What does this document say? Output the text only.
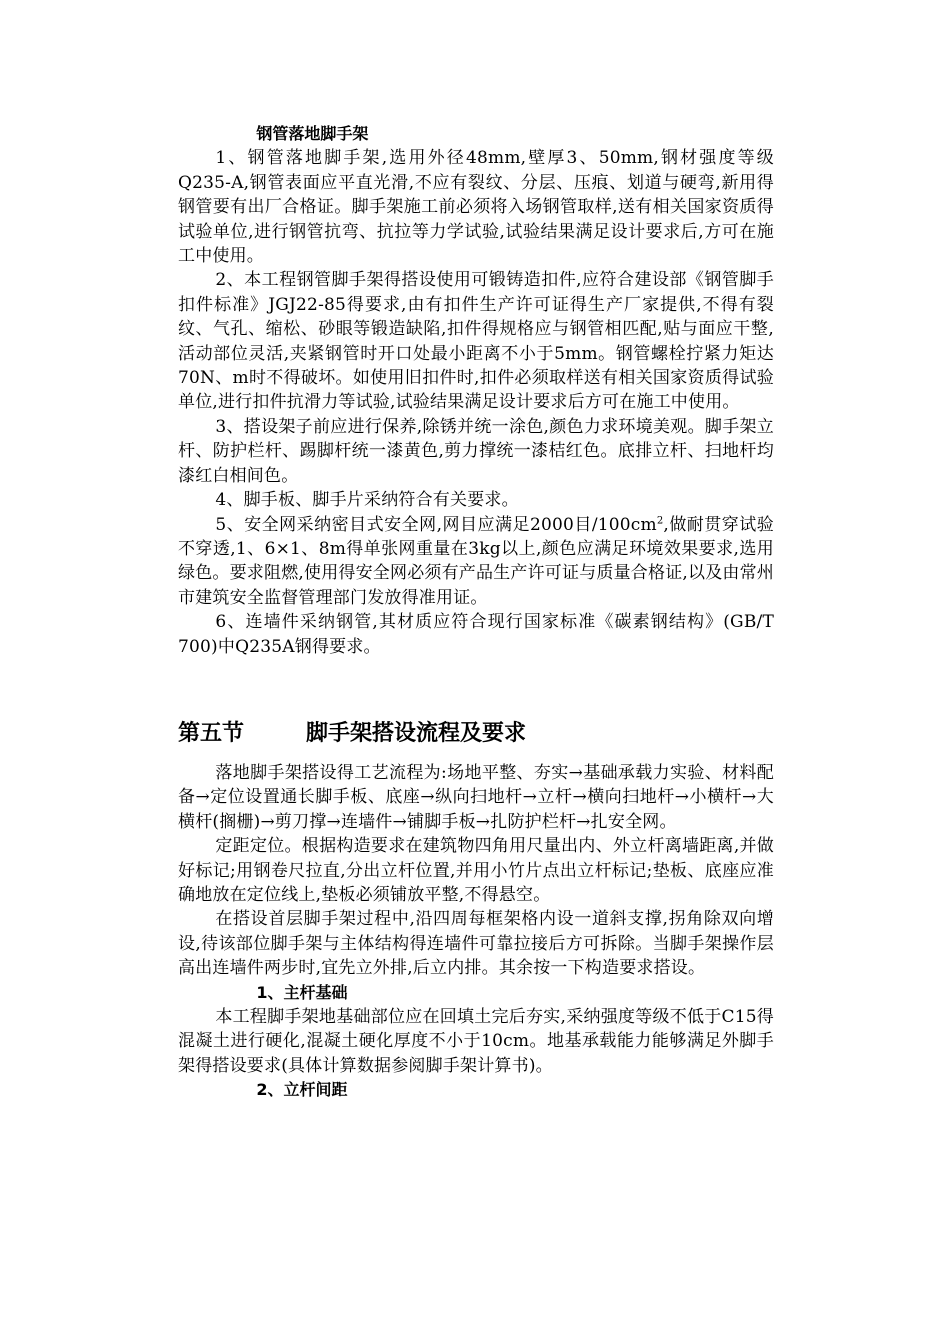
钢管落地脚手架

1、钢管落地脚手架,选用外径48mm,壁厚3、50mm,钢材强度等级Q235-A,钢管表面应平直光滑,不应有裂纹、分层、压痕、划道与硬弯,新用得钢管要有出厂合格证。脚手架施工前必须将入场钢管取样,送有相关国家资质得试验单位,进行钢管抗弯、抗拉等力学试验,试验结果满足设计要求后,方可在施工中使用。

2、本工程钢管脚手架得搭设使用可锻铸造扣件,应符合建设部《钢管脚手扣件标准》JGJ22-85得要求,由有扣件生产许可证得生产厂家提供,不得有裂纹、气孔、缩松、砂眼等锻造缺陷,扣件得规格应与钢管相匹配,贴与面应干整,活动部位灵活,夹紧钢管时开口处最小距离不小于5mm。钢管螺栓拧紧力矩达70N、m时不得破坏。如使用旧扣件时,扣件必须取样送有相关国家资质得试验单位,进行扣件抗滑力等试验,试验结果满足设计要求后方可在施工中使用。

3、搭设架子前应进行保养,除锈并统一涂色,颜色力求环境美观。脚手架立杆、防护栏杆、踢脚杆统一漆黄色,剪力撑统一漆桔红色。底排立杆、扫地杆均漆红白相间色。

4、脚手板、脚手片采纳符合有关要求。

5、安全网采纳密目式安全网,网目应满足2000目$/100cm^2$,做耐贯穿试验不穿透,1、6×1、8m得单张网重量在3kg以上,颜色应满足环境效果要求,选用绿色。要求阻燃,使用得安全网必须有产品生产许可证与质量合格证,以及由常州市建筑安全监督管理部门发放得准用证。

6、连墙件采纳钢管,其材质应符合现行国家标准《碳素钢结构》(GB/T 700)中Q235A钢得要求。

第五节	脚手架搭设流程及要求

落地脚手架搭设得工艺流程为:场地平整、夯实→基础承载力实验、材料配备→定位设置通长脚手板、底座→纵向扫地杆→立杆→横向扫地杆→小横杆→大横杆(搁栅)→剪刀撑→连墙件→铺脚手板→扎防护栏杆→扎安全网。

定距定位。根据构造要求在建筑物四角用尺量出内、外立杆离墙距离,并做好标记;用钢卷尺拉直,分出立杆位置,并用小竹片点出立杆标记;垫板、底座应准确地放在定位线上,垫板必须铺放平整,不得悬空。

在搭设首层脚手架过程中,沿四周每框架格内设一道斜支撑,拐角除双向增设,待该部位脚手架与主体结构得连墙件可靠拉接后方可拆除。当脚手架操作层高出连墙件两步时,宜先立外排,后立内排。其余按一下构造要求搭设。

1、主杆基础

本工程脚手架地基础部位应在回填土完后夯实,采纳强度等级不低于C15得混凝土进行硬化,混凝土硬化厚度不小于10cm。地基承载能力能够满足外脚手架得搭设要求(具体计算数据参阅脚手架计算书)。

2、立杆间距
